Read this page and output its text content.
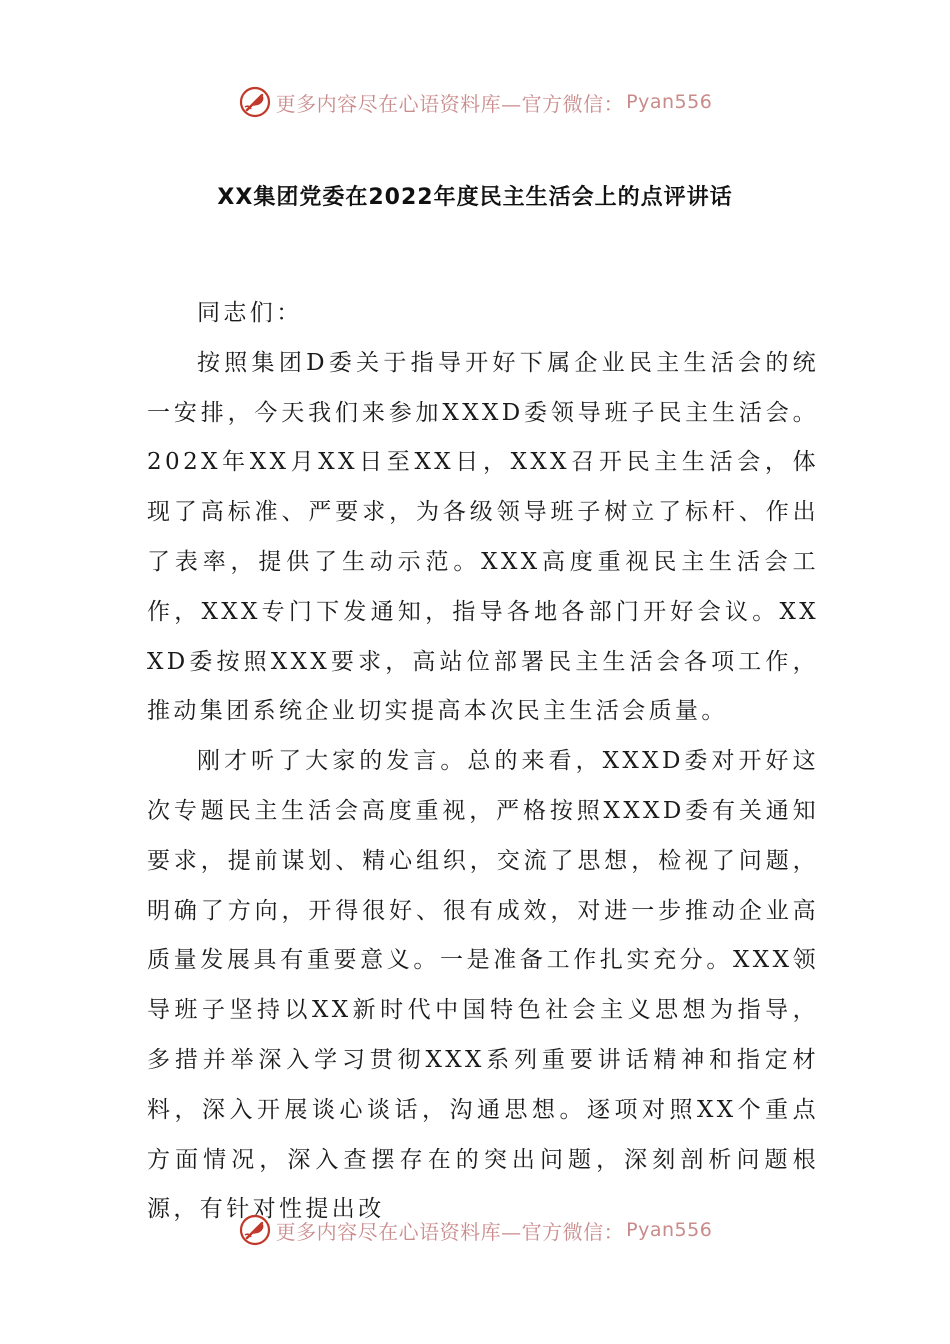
更多内容尽在心语资料库—官方微信： Pyan556
XX集团党委在2022年度民主生活会上的点评讲话

同志们：

按照集团D委关于指导开好下属企业民主生活会的统一安排，今天我们来参加XXXD委领导班子民主生活会。202X年XX月XX日至XX日，XXX召开民主生活会，体现了高标准、严要求，为各级领导班子树立了标杆、作出了表率，提供了生动示范。XXX高度重视民主生活会工作，XXX专门下发通知，指导各地各部门开好会议。XXXD委按照XXX要求，高站位部署民主生活会各项工作，推动集团系统企业切实提高本次民主生活会质量。

刚才听了大家的发言。总的来看，XXXD委对开好这次专题民主生活会高度重视，严格按照XXXD委有关通知要求，提前谋划、精心组织，交流了思想，检视了问题，明确了方向，开得很好、很有成效，对进一步推动企业高质量发展具有重要意义。一是准备工作扎实充分。XXX领导班子坚持以XX新时代中国特色社会主义思想为指导，多措并举深入学习贯彻XXX系列重要讲话精神和指定材料，深入开展谈心谈话，沟通思想。逐项对照XX个重点方面情况，深入查摆存在的突出问题，深刻剖析问题根源，有针对性提出改

更多内容尽在心语资料库—官方微信： Pyan556
